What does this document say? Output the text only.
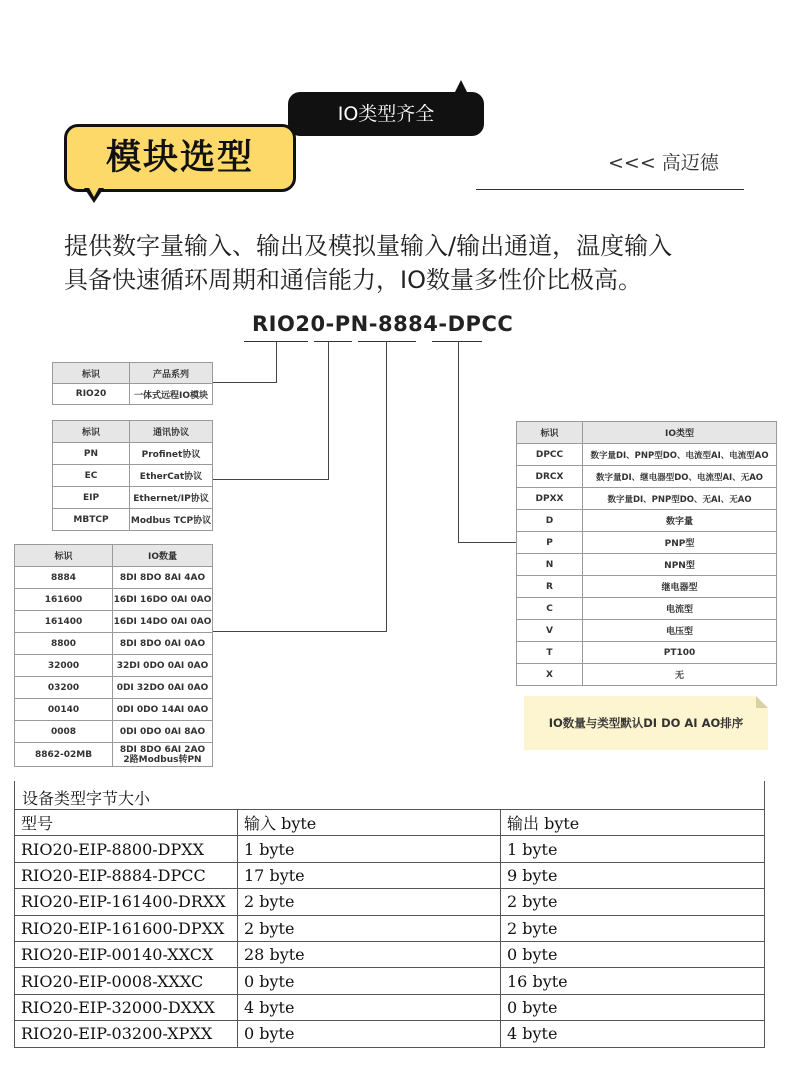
IO类型齐全
模块选型	<<< 高迈德
提供数字量输入、输出及模拟量输入/输出通道，温度输入
具备快速循环周期和通信能力，IO数量多性价比极高。
RIO20-PN-8884-DPCC
标识	产品系列
RIO20	一体式远程IO模块
标识	通讯协议
PN	Profinet协议
EC	EtherCat协议
EIP	Ethernet/IP协议
MBTCP	Modbus TCP协议
标识	IO数量
8884	8DI 8DO 8AI 4AO
161600	16DI 16DO 0AI 0AO
161400	16DI 14DO 0AI 0AO
8800	8DI 8DO 0AI 0AO
32000	32DI 0DO 0AI 0AO
03200	0DI 32DO 0AI 0AO
00140	0DI 0DO 14AI 0AO
0008	0DI 0DO 0AI 8AO
8862-02MB	8DI 8DO 6AI 2AO
2路Modbus转PN
标识	IO类型
DPCC	数字量DI、PNP型DO、电流型AI、电流型AO
DRCX	数字量DI、继电器型DO、电流型AI、无AO
DPXX	数字量DI、PNP型DO、无AI、无AO
D	数字量
P	PNP型
N	NPN型
R	继电器型
C	电流型
V	电压型
T	PT100
X	无
IO数量与类型默认DI DO AI AO排序
设备类型字节大小
型号	输入 byte	输出 byte
RIO20-EIP-8800-DPXX	1 byte	1 byte
RIO20-EIP-8884-DPCC	17 byte	9 byte
RIO20-EIP-161400-DRXX	2 byte	2 byte
RIO20-EIP-161600-DPXX	2 byte	2 byte
RIO20-EIP-00140-XXCX	28 byte	0 byte
RIO20-EIP-0008-XXXC	0 byte	16 byte
RIO20-EIP-32000-DXXX	4 byte	0 byte
RIO20-EIP-03200-XPXX	0 byte	4 byte
